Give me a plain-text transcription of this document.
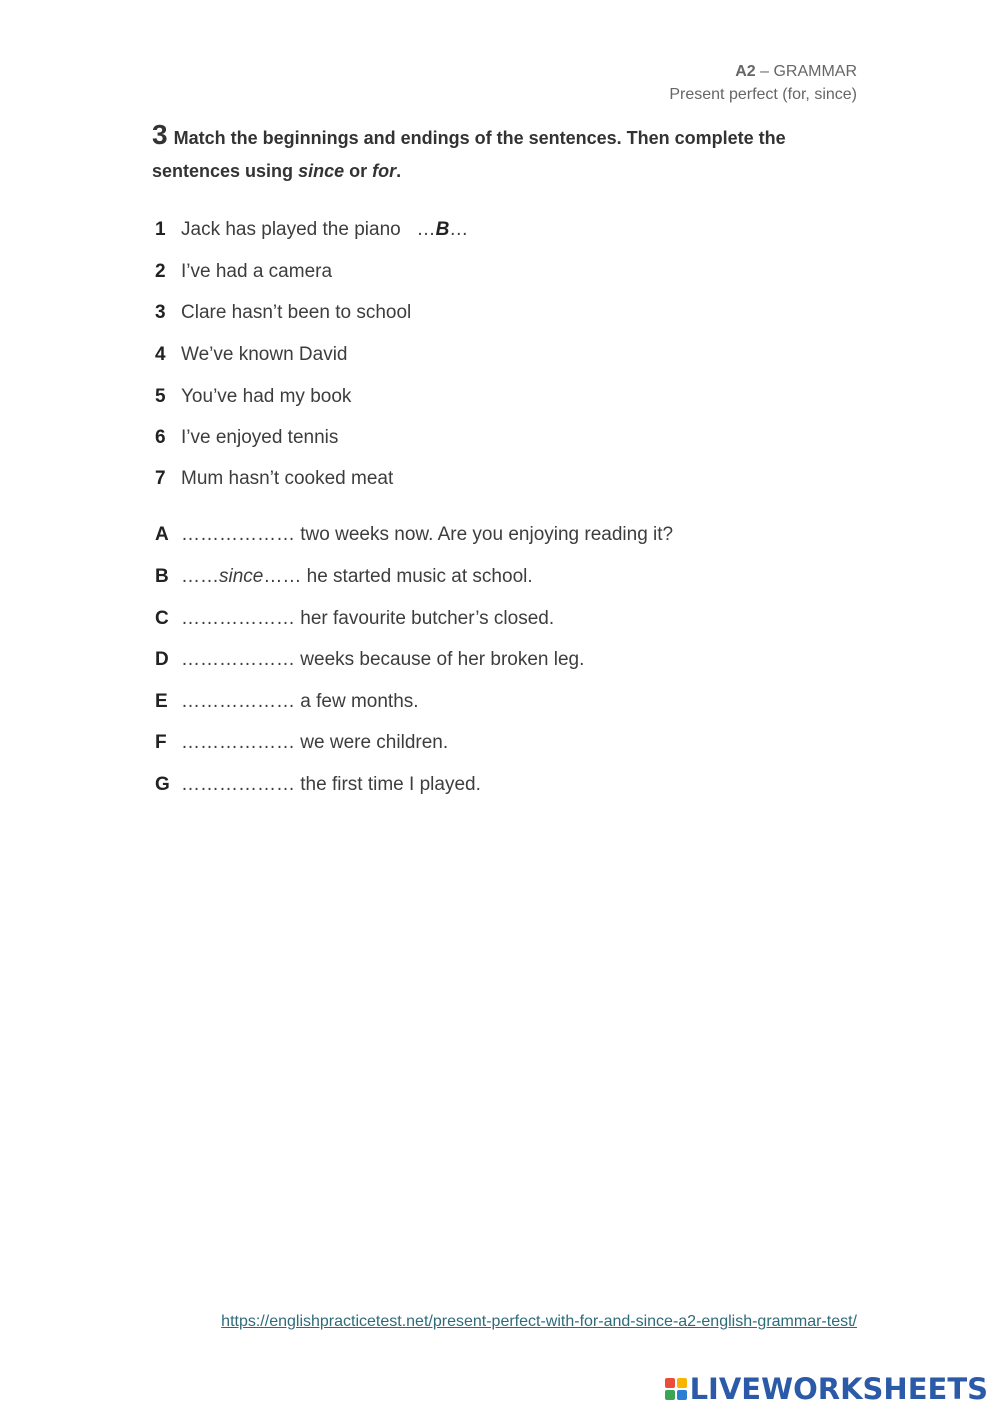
A2 – GRAMMAR
Present perfect (for, since)
3 Match the beginnings and endings of the sentences. Then complete the sentences using since or for.
1 Jack has played the piano   …B…
2 I’ve had a camera
3 Clare hasn’t been to school
4 We’ve known David
5 You’ve had my book
6 I’ve enjoyed tennis
7 Mum hasn’t cooked meat
A ……………… two weeks now. Are you enjoying reading it?
B ……since…… he started music at school.
C ……………… her favourite butcher’s closed.
D ……………… weeks because of her broken leg.
E ……………… a few months.
F ……………… we were children.
G ……………… the first time I played.
https://englishpracticetest.net/present-perfect-with-for-and-since-a2-english-grammar-test/
LIVEWORKSHEETS
